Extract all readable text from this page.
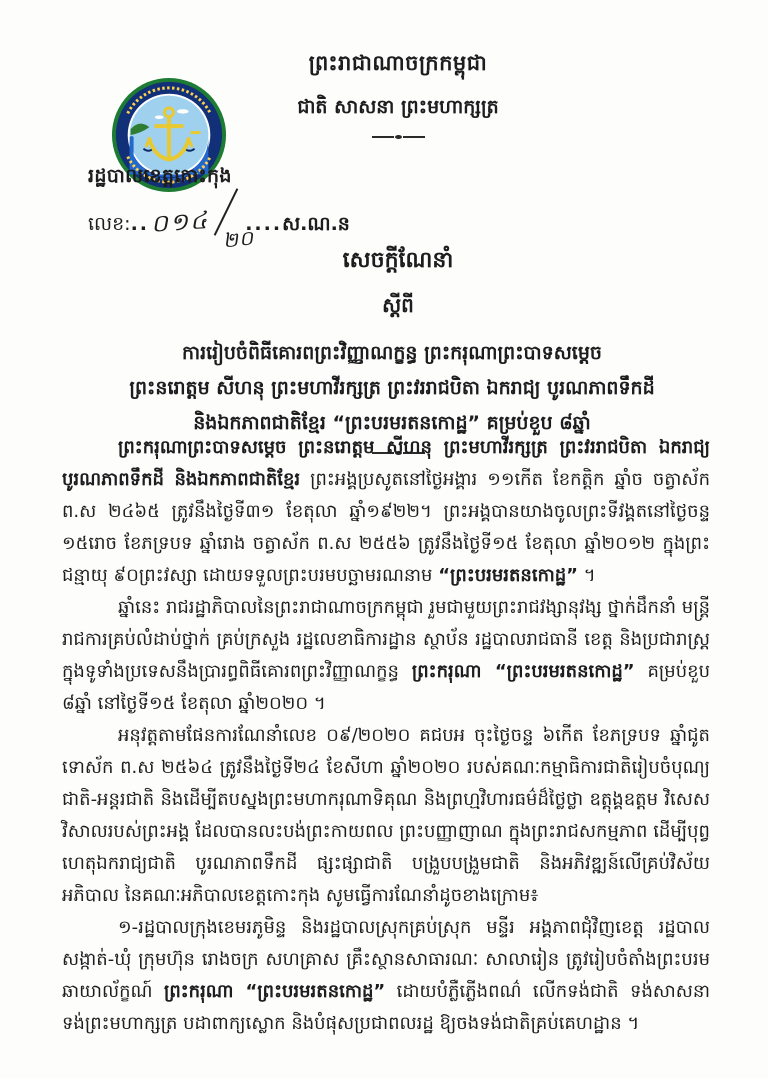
ព្រះរាជាណាចក្រកម្ពុជា
ជាតិ សាសនា ព្រះមហាក្សត្រ
រដ្ឋបាលខេត្តកោះកុង
លេខ: .. ០១៤
២០
.... ស.ណ.ន
សេចក្តីណែនាំ
ស្តីពី
ការរៀបចំពិធីគោរពព្រះវិញ្ញាណក្ខន្ធ ព្រះករុណាព្រះបាទសម្តេច
ព្រះនរោត្តម សីហនុ ព្រះមហាវីរក្សត្រ ព្រះវររាជបិតា ឯករាជ្យ បូរណភាពទឹកដី
និងឯកភាពជាតិខ្មែរ “ព្រះបរមរតនកោដ្ឋ” គម្រប់ខួប ៨ឆ្នាំ

ព្រះករុណាព្រះបាទសម្តេច ព្រះនរោត្តម សីហនុ ព្រះមហាវីរក្សត្រ ព្រះវររាជបិតា ឯករាជ្យ បូរណភាពទឹកដី និងឯកភាពជាតិខ្មែរ ព្រះអង្គប្រសូតនៅថ្ងៃអង្គារ ១១កើត ខែកត្តិក ឆ្នាំច ចត្វាស័ក ព.ស ២៤៦៥ ត្រូវនឹងថ្ងៃទី៣១ ខែតុលា ឆ្នាំ១៩២២។ ព្រះអង្គបានយាងចូលព្រះទីវង្គតនៅថ្ងៃចន្ទ ១៥រោច ខែភទ្របទ ឆ្នាំរោង ចត្វាស័ក ព.ស ២៥៥៦ ត្រូវនឹងថ្ងៃទី១៥ ខែតុលា ឆ្នាំ២០១២ ក្នុងព្រះជន្មាយុ ៩០ព្រះវស្សា ដោយទទួលព្រះបរមបច្ឆាមរណនាម “ព្រះបរមរតនកោដ្ឋ” ។

ឆ្នាំនេះ រាជរដ្ឋាភិបាលនៃព្រះរាជាណាចក្រកម្ពុជា រួមជាមួយព្រះរាជវង្សានុវង្ស ថ្នាក់ដឹកនាំ មន្ត្រីរាជការគ្រប់លំដាប់ថ្នាក់ គ្រប់ក្រសួង រដ្ឋលេខាធិការដ្ឋាន ស្ថាប័ន រដ្ឋបាលរាជធានី ខេត្ត និងប្រជារាស្ត្រ ក្នុងទូទាំងប្រទេសនឹងប្រារព្ធពិធីគោរពព្រះវិញ្ញាណក្ខន្ធ ព្រះករុណា “ព្រះបរមរតនកោដ្ឋ” គម្រប់ខួប ៨ឆ្នាំ នៅថ្ងៃទី១៥ ខែតុលា ឆ្នាំ២០២០ ។

អនុវត្តតាមផែនការណែនាំលេខ ០៩/២០២០ គជបអ ចុះថ្ងៃចន្ទ ៦កើត ខែភទ្របទ ឆ្នាំជូត ទោស័ក ព.ស ២៥៦៤ ត្រូវនឹងថ្ងៃទី២៤ ខែសីហា ឆ្នាំ២០២០ របស់គណៈកម្មាធិការជាតិរៀបចំបុណ្យជាតិ-អន្តរជាតិ និងដើម្បីតបស្នងព្រះមហាករុណាទិគុណ និងព្រហ្មវិហារធម៌ដ៏ថ្លៃថ្លា ឧត្តុង្គឧត្តម វិសេសវិសាលរបស់ព្រះអង្គ ដែលបានលះបង់ព្រះកាយពល ព្រះបញ្ញាញាណ ក្នុងព្រះរាជសកម្មភាព ដើម្បីបុព្វហេតុឯករាជ្យជាតិ បូរណភាពទឹកដី ផ្សះផ្សាជាតិ បង្រួបបង្រួមជាតិ និងអភិវឌ្ឍន៍លើគ្រប់វិស័យ អភិបាល នៃគណៈអភិបាលខេត្តកោះកុង សូមធ្វើការណែនាំដូចខាងក្រោម៖

១-រដ្ឋបាលក្រុងខេមរភូមិន្ទ និងរដ្ឋបាលស្រុកគ្រប់ស្រុក មន្ទីរ អង្គភាពជុំវិញខេត្ត រដ្ឋបាលសង្កាត់-ឃុំ ក្រុមហ៊ុន រោងចក្រ សហគ្រាស គ្រឹះស្ថានសាធារណៈ សាលារៀន ត្រូវរៀបចំតាំងព្រះបរមឆាយាល័ក្ខណ៍ ព្រះករុណា “ព្រះបរមរតនកោដ្ឋ” ដោយបំភ្លឺភ្លើងពណ៌ លើកទង់ជាតិ ទង់សាសនា ទង់ព្រះមហាក្សត្រ បដាពាក្យស្លោក និងបំផុសប្រជាពលរដ្ឋ ឱ្យចងទង់ជាតិគ្រប់គេហដ្ឋាន ។
